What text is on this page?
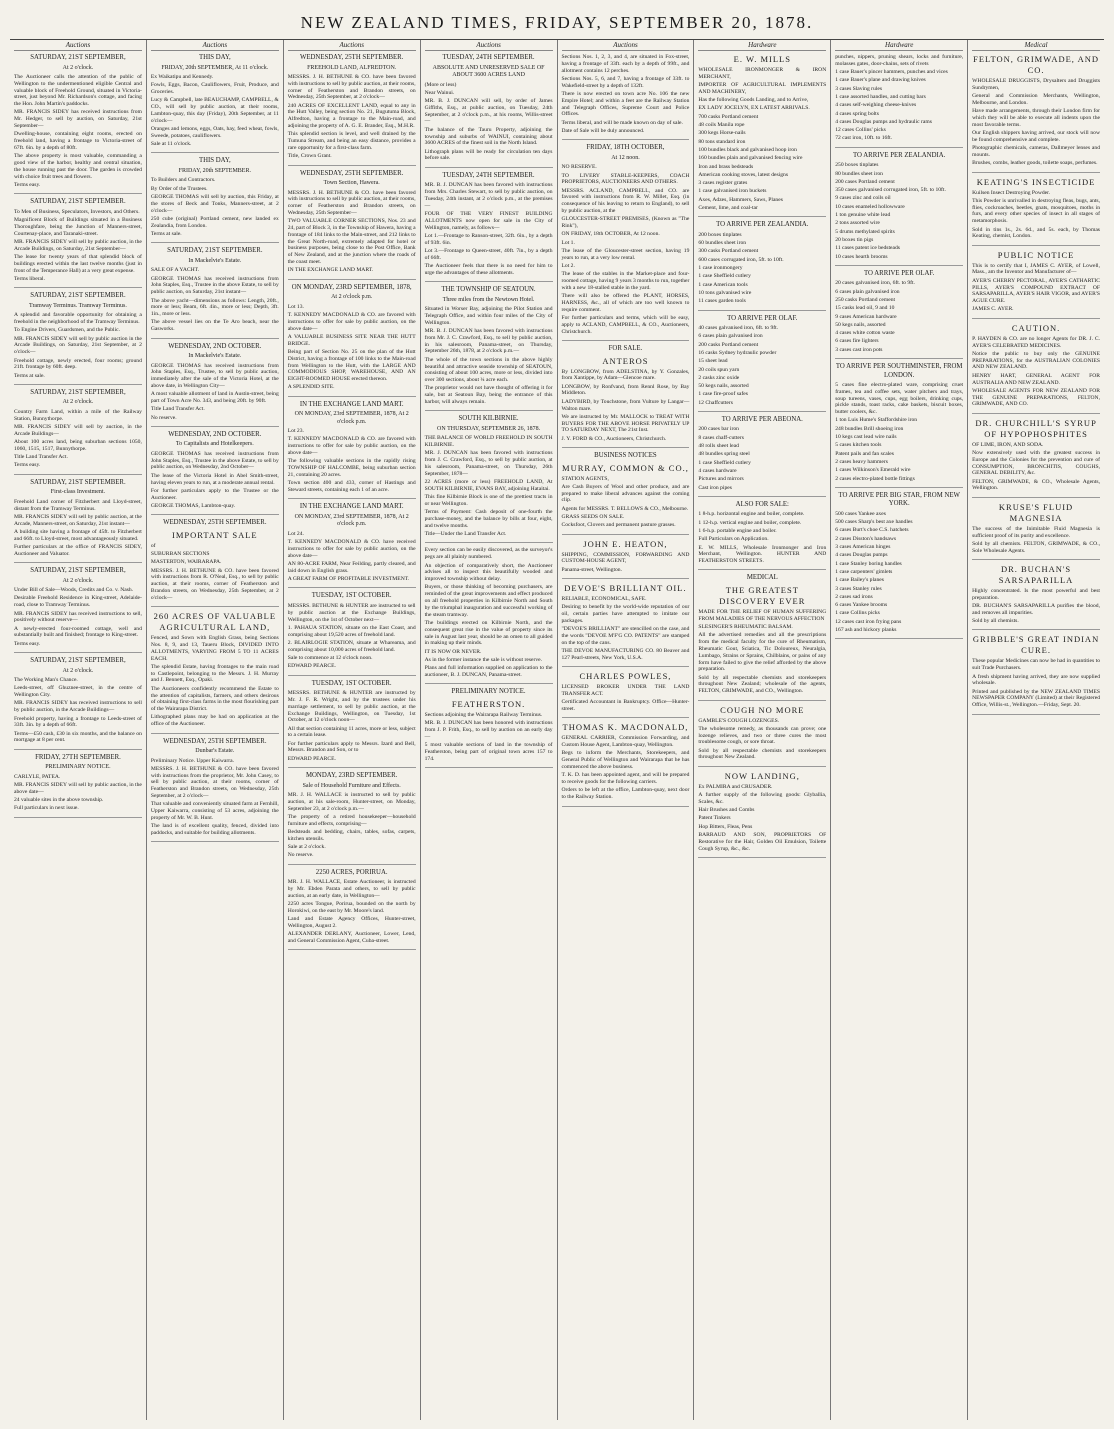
NEW ZEALAND TIMES, FRIDAY, SEPTEMBER 20, 1878.
Auctions
SATURDAY, 21ST SEPTEMBER,
At 2 o'clock.

The Auctioneer calls the attention of the public of Wellington to the undermentioned eligible Central and valuable block of Freehold Ground, situated in Victoria-street, just beyond Mr. Richardson's cottage, and facing the Hon. John Martin's paddocks.

MR. FRANCIS SIDEY has received instructions from Mr. Hedger, to sell by auction, on Saturday, 21st September—

Dwelling-house, containing eight rooms, erected on freehold land, having a frontage to Victoria-street of 67ft. 6in. by a depth of 80ft.

The above property is most valuable, commanding a good view of the harbor, healthy and central situation, the house running past the door. The garden is crowded with choice fruit trees and flowers.

Terms easy.

SATURDAY, 21ST SEPTEMBER.

To Men of Business, Speculators, Investors, and Others.

Magnificent Block of Buildings situated in a Business Thoroughfare, being the Junction of Manners-street, Courtenay-place, and Taranaki-street.

MR. FRANCIS SIDEY will sell by public auction, in the Arcade Buildings, on Saturday, 21st September—

The lease for twenty years of that splendid block of buildings erected within the last twelve months (just in front of the Temperance Hall) at a very great expense.

Terms liberal.

SATURDAY, 21ST SEPTEMBER.
Tramway Terminus. Tramway Terminus.

A splendid and favorable opportunity for obtaining a freehold in the neighborhood of the Tramway Terminus.

To Engine Drivers, Guardsmen, and the Public.

MR. FRANCIS SIDEY will sell by public auction in the Arcade Buildings, on Saturday, 21st September, at 2 o'clock—

Freehold cottage, newly erected, four rooms; ground 21ft. frontage by 60ft. deep.

Terms at sale.

SATURDAY, 21ST SEPTEMBER,
At 2 o'clock.

Country Farm Land, within a mile of the Railway Station, Bunnythorpe.

MR. FRANCIS SIDEY will sell by auction, in the Arcade Buildings—

About 100 acres land, being suburban sections 1050, 1060, 1515, 1517, Bunnythorpe.

Title Land Transfer Act.

Terms easy.

SATURDAY, 21ST SEPTEMBER.
First-class Investment.

Freehold Land corner of Fitzherbert and Lloyd-street, distant from the Tramway Terminus.

MR. FRANCIS SIDEY will sell by public auction, at the Arcade, Manners-street, on Saturday, 21st instant—

A building site having a frontage of 45ft. to Fitzherbert and 66ft. to Lloyd-street, most advantageously situated.

Further particulars at the office of FRANCIS SIDEY, Auctioneer and Valuator.

SATURDAY, 21ST SEPTEMBER,
At 2 o'clock.

Under Bill of Sale—Woods, Credits and Co. v. Nash.

Desirable Freehold Residence in King-street, Adelaide-road, close to Tramway Terminus.

MR. FRANCIS SIDEY has received instructions to sell, positively without reserve—

A newly-erected four-roomed cottage, well and substantially built and finished; frontage to King-street.

Terms easy.

SATURDAY, 21ST SEPTEMBER,
At 2 o'clock.

The Working Man's Chance.

Leeds-street, off Ghuznee-street, in the centre of Wellington City.

MR. FRANCIS SIDEY has received instructions to sell by public auction, in the Arcade Buildings—

Freehold property, having a frontage to Leeds-street of 33ft. 3in. by a depth of 66ft.

Terms—£50 cash, £30 in six months, and the balance on mortgage at 8 per cent.

FRIDAY, 27TH SEPTEMBER.
PRELIMINARY NOTICE.

CARLYLE, PATEA.

MR. FRANCIS SIDEY will sell by public auction, in the above date—

24 valuable sites in the above township.

Full particulars in next issue.

Auctions
THIS DAY,
FRIDAY, 20th SEPTEMBER, At 11 o'clock.

Ex Waikatipu and Kennedy.

Fowls, Eggs, Bacon, Cauliflowers, Fruit, Produce, and Groceries.

Lucy & Campbell, late BEAUCHAMP, CAMPBELL, & CO., will sell by public auction, at their rooms, Lambton-quay, this day (Friday), 20th September, at 11 o'clock—

Oranges and lemons, eggs, Oats, hay, feed wheat, fowls, Sweede, potatoes, cauliflowers.

Sale at 11 o'clock.

THIS DAY,
FRIDAY, 20th SEPTEMBER.

To Builders and Contractors.

By Order of the Trustees.

GEORGE THOMAS will sell by auction, this Friday, at the stores of Beck and Tonks, Manners-street, at 2 o'clock—

250 cube (original) Portland cement, new landed ex Zealandia, from London.

Terms at sale.

SATURDAY, 21ST SEPTEMBER.
In Mackelvie's Estate.

SALE OF A YACHT.

GEORGE THOMAS has received instructions from John Staples, Esq., Trustee in the above Estate, to sell by public auction, on Saturday, 21st instant—

The above yacht—dimensions as follows: Length, 20ft., more or less; Beam, 6ft. 4in., more or less; Depth, 3ft. 1in., more or less.

The above vessel lies on the Te Aro beach, near the Gasworks.

WEDNESDAY, 2ND OCTOBER.
In Mackelvie's Estate.

GEORGE THOMAS has received instructions from John Staples, Esq., Trustee, to sell by public auction, immediately after the sale of the Victoria Hotel, at the above date, in Wellington City—

A most valuable allotment of land in Austin-street, being part of Town Acre No. 343, and being 20ft. by 90ft.

Title Land Transfer Act.

No reserve.

WEDNESDAY, 2ND OCTOBER.
To Capitalists and Hotelkeepers.

GEORGE THOMAS has received instructions from John Staples, Esq., Trustee in the above Estate, to sell by public auction, on Wednesday, 2nd October—

The lease of the Victoria Hotel in Abel Smith-street, having eleven years to run, at a moderate annual rental.

For further particulars apply to the Trustee or the Auctioneer.

GEORGE THOMAS, Lambton-quay.

WEDNESDAY, 25TH SEPTEMBER.
IMPORTANT SALE

of

SUBURBAN SECTIONS

MASTERTON, WAIRARAPA.

MESSRS. J. H. BETHUNE & CO. have been favored with instructions from R. O'Neal, Esq., to sell by public auction, at their rooms, corner of Featherston and Brandon streets, on Wednesday, 25th September, at 2 o'clock—

260 ACRES OF VALUABLE AGRICULTURAL LAND,

Fenced, and Sown with English Grass, being Sections Nos. 8, 9, and 13, Taueru Block, DIVIDED INTO ALLOTMENTS, VARYING FROM 5 TO 11 ACRES EACH.

The splendid Estate, having frontages to the main road to Castlepoint, belonging to the Messrs. J. H. Murray and J. Bennett, Esq., Opaki.

The Auctioneers confidently recommend the Estate to the attention of capitalists, farmers, and others desirous of obtaining first-class farms in the most flourishing part of the Wairarapa District.

Lithographed plans may be had on application at the office of the Auctioneer.

WEDNESDAY, 25TH SEPTEMBER.
Dunbar's Estate.

Preliminary Notice. Upper Kaiwarra.

MESSRS. J. H. BETHUNE & CO. have been favored with instructions from the proprietor, Mr. John Casey, to sell by public auction, at their rooms, corner of Featherston and Brandon streets, on Wednesday, 25th September, at 2 o'clock—

That valuable and conveniently situated farm at Fernhill, Upper Kaiwarra, consisting of 53 acres, adjoining the property of Mr. W. B. Hunt.

The land is of excellent quality, fenced, divided into paddocks, and suitable for building allotments.

Auctions
WEDNESDAY, 25TH SEPTEMBER.
FREEHOLD LAND, ALFREDTON.

MESSRS. J. H. BETHUNE & CO. have been favored with instructions to sell by public auction, at their rooms, corner of Featherston and Brandon streets, on Wednesday, 25th September, at 2 o'clock—

240 ACRES OF EXCELLENT LAND, equal to any in the Hutt Valley, being section No. 21, Bugutuma Block, Alfredton, having a frontage to the Main-road, and adjoining the property of A. G. E. Brander, Esq., M.H.R.

This splendid section is level, and well drained by the Tumuna Stream, and being an easy distance, provides a rare opportunity for a first-class farm.

Title, Crown Grant.

WEDNESDAY, 25TH SEPTEMBER.
Town Section, Hawera.

MESSRS. J. H. BETHUNE & CO. have been favored with instructions to sell by public auction, at their rooms, corner of Featherston and Brandon streets, on Wednesday, 25th September—

TWO VALUABLE CORNER SECTIONS, Nos. 23 and 24, part of Block 3, in the Township of Hawera, having a frontage of 184 links to the Main-street, and 212 links to the Great North-road, extremely adapted for hotel or business purposes, being close to the Post Office, Bank of New Zealand, and at the junction where the roads of the coast meet.

IN THE EXCHANGE LAND MART.

ON MONDAY, 23RD SEPTEMBER, 1878,
At 2 o'clock p.m.

Lot 13.

T. KENNEDY MACDONALD & CO. are favored with instructions to offer for sale by public auction, on the above date—

A VALUABLE BUSINESS SITE NEAR THE HUTT BRIDGE.

Being part of Section No. 25 on the plan of the Hutt District, having a frontage of 100 links to the Main-road from Wellington to the Hutt, with the LARGE AND COMMODIOUS SHOP, WAREHOUSE, AND AN EIGHT-ROOMED HOUSE erected thereon.

A SPLENDID SITE.

IN THE EXCHANGE LAND MART.
ON MONDAY, 23rd SEPTEMBER, 1878, At 2 o'clock p.m.

Lot 23.

T. KENNEDY MACDONALD & CO. are favored with instructions to offer for sale by public auction, on the above date—

The following valuable sections in the rapidly rising TOWNSHIP OF HALCOMBE, being suburban section 21, containing 20 acres.

Town section 400 and 433, corner of Hastings and Steward streets, containing each 1 of an acre.

IN THE EXCHANGE LAND MART.
ON MONDAY, 23rd SEPTEMBER, 1878, At 2 o'clock p.m.

Lot 24.

T. KENNEDY MACDONALD & CO. have received instructions to offer for sale by public auction, on the above date—

AN 80-ACRE FARM, Near Feilding, partly cleared, and laid down in English grass.

A GREAT FARM OF PROFITABLE INVESTMENT.

TUESDAY, 1ST OCTOBER.

MESSRS. BETHUNE & HUNTER are instructed to sell by public auction at the Exchange Buildings, Wellington, on the 1st of October next—

1. PAHAUA STATION, situate on the East Coast, and comprising about 19,520 acres of freehold land.

2. BLAIRLOGIE STATION, situate at Whareama, and comprising about 10,000 acres of freehold land.

Sale to commence at 12 o'clock noon.

EDWARD PEARCE.

TUESDAY, 1ST OCTOBER.

MESSRS. BETHUNE & HUNTER are instructed by Mr. J. F. R. Wright, and by the trustees under his marriage settlement, to sell by public auction, at the Exchange Buildings, Wellington, on Tuesday, 1st October, at 12 o'clock noon—

All that section containing 11 acres, more or less, subject to a certain lease.

For further particulars apply to Messrs. Izard and Bell, Messrs. Brandon and Son, or to

EDWARD PEARCE.

MONDAY, 23RD SEPTEMBER.
Sale of Household Furniture and Effects.

MR. J. H. WALLACE is instructed to sell by public auction, at his sale-room, Hunter-street, on Monday, September 23, at 2 o'clock p.m.—

The property of a retired housekeeper—household furniture and effects, comprising—

Bedsteads and bedding, chairs, tables, sofas, carpets, kitchen utensils.

Sale at 2 o'clock.

No reserve.

2250 ACRES, PORIRUA.

MR. J. H. WALLACE, Estate Auctioneer, is instructed by Mr. Ebden Parata and others, to sell by public auction, at an early date, in Wellington—

2250 acres Tongue, Porirua, bounded on the north by Horokiwi, on the east by Mr. Moore's land.

Land and Estate Agency Offices, Hunter-street, Wellington, August 2.

ALEXANDER DERLANY, Auctioneer, Lower, Lend, and General Commission Agent, Cuba-street.

Auctions
TUESDAY, 24TH SEPTEMBER.
ABSOLUTE AND UNRESERVED SALE OF ABOUT 3600 ACRES LAND

(More or less)

Near Wainui.

MR. B. J. DUNCAN will sell, by order of James Giffiths, Esq., at public auction, on Tuesday, 24th September, at 2 o'clock p.m., at his rooms, Willis-street—

The balance of the Tauru Property, adjoining the township and suburbs of WAINUI, containing about 3600 ACRES of the finest soil in the North Island.

Lithograph plans will be ready for circulation ten days before sale.

TUESDAY, 24TH SEPTEMBER.

MR. B. J. DUNCAN has been favored with instructions from Mrs. Charles Stewart, to sell by public auction, on Tuesday, 24th instant, at 2 o'clock p.m., at the premises—

FOUR OF THE VERY FINEST BUILDING ALLOTMENTS now open for sale in the City of Wellington, namely, as follows—

Lot 1.—Frontage to Ranson-street, 32ft. 6in., by a depth of 93ft. 6in.

Lot 3.—Frontage to Queen-street, 40ft. 7in., by a depth of 66ft.

The Auctioneer feels that there is no need for him to urge the advantages of these allotments.

THE TOWNSHIP OF SEATOUN.
Three miles from the Newtown Hotel.

Situated in Worser Bay, adjoining the Pilot Station and Telegraph Office, and within four miles of the City of Wellington.

MR. B. J. DUNCAN has been favored with instructions from Mr. J. C. Crawford, Esq., to sell by public auction, in his salesroom, Panama-street, on Thursday, September 26th, 1878, at 2 o'clock p.m.—

The whole of the town sections in the above highly beautiful and attractive seaside township of SEATOUN, consisting of about 100 acres, more or less, divided into over 300 sections, about ¼ acre each.

The proprietor would not have thought of offering it for sale, but at Seatoun Bay, being the entrance of this harbor, will always remain.

SOUTH KILBIRNIE.
ON THURSDAY, SEPTEMBER 26, 1878.

THE BALANCE OF WORLD FREEHOLD IN SOUTH KILBIRNIE.

MR. J. DUNCAN has been favored with instructions from J. C. Crawford, Esq., to sell by public auction, at his salesroom, Panama-street, on Thursday, 26th September, 1878—

22 ACRES (more or less) FREEHOLD LAND, At SOUTH KILBIRNIE, EVANS BAY, adjoining Hataitai.

This fine Kilbirnie Block is one of the prettiest tracts in or near Wellington.

Terms of Payment: Cash deposit of one-fourth the purchase-money, and the balance by bills at four, eight, and twelve months.

Title—Under the Land Transfer Act.

Every section can be easily discovered, as the surveyor's pegs are all plainly numbered.

An objection of comparatively short, the Auctioneer advises all to inspect this beautifully wooded and improved township without delay.

Buyers, or those thinking of becoming purchasers, are reminded of the great improvements and effect produced on all freehold properties in Kilbirnie North and South by the triumphal inauguration and successful working of the steam tramway.

The buildings erected on Kilbirnie North, and the consequent great rise in the value of property since its sale in August last year, should be an omen to all guided in making up their minds.

IT IS NOW OR NEVER.

As in the former instance the sale is without reserve.

Plans and full information supplied on application to the auctioneer, B. J. DUNCAN, Panama-street.

PRELIMINARY NOTICE.
FEATHERSTON.

Sections adjoining the Wairarapa Railway Terminus.

MR. B. J. DUNCAN has been honored with instructions from J. P. Frith, Esq., to sell by auction on an early day—

5 most valuable sections of land in the township of Featherston, being part of original town acres 157 to 174.

Auctions

Sections Nos. 1, 2, 3, and 4, are situated in Fox-street, having a frontage of 33ft. each by a depth of 99ft., and allotment contains 12 perches.

Sections Nos. 5, 6, and 7, having a frontage of 33ft. to Wakefield-street by a depth of 132ft.

There is now erected on town acre No. 106 the new Empire Hotel; and within a feet are the Railway Station and Telegraph Offices, Supreme Court and Police Offices.

Terms liberal, and will be made known on day of sale.

Date of Sale will be duly announced.

FRIDAY, 18TH OCTOBER,
At 12 noon.

NO RESERVE.

TO LIVERY STABLE-KEEPERS, COACH PROPRIETORS, AUCTIONEERS AND OTHERS.

MESSRS. ACLAND, CAMPBELL, and CO. are favored with instructions from R. W. Millet, Esq. (in consequence of his leaving to return to England), to sell by public auction, at the

GLOUCESTER-STREET PREMISES, (Known as "The Rink"),

ON FRIDAY, 18th OCTOBER, At 12 noon.

Lot 1.

The lease of the Gloucester-street section, having 19 years to run, at a very low rental.

Lot 2.

The lease of the stables in the Market-place and four-roomed cottage, having 9 years 3 months to run, together with a new 18-stalled stable in the yard.

There will also be offered the PLANT, HORSES, HARNESS, &c., all of which are too well known to require comment.

For further particulars and terms, which will be easy, apply to ACLAND, CAMPBELL, & CO., Auctioneers, Christchurch.

FOR SALE.
ANTEROS

By LONGBOW, from ADELSTINA, by Y. Gonzales, from Xantippe, by Adam—Glencoe mare.

LONGBOW, by Ronfvand, from Rennl Rose, by Bay Middleton.

LADYBIRD, by Touchstone, from Vulture by Langar—Walton mare.

We are instructed by Mr. MALLOCK to TREAT WITH BUYERS FOR THE ABOVE HORSE PRIVATELY UP TO SATURDAY NEXT, The 21st Inst.

J. Y. FORD & CO., Auctioneers, Christchurch.

BUSINESS NOTICES
MURRAY, COMMON & CO.,

STATION AGENTS,

Are Cash Buyers of Wool and other produce, and are prepared to make liberal advances against the coming clip.

Agents for MESSRS. T. BELLOWS & CO., Melbourne.

GRASS SEEDS ON SALE.

Cocksfoot, Clovers and permanent pasture grasses.

JOHN E. HEATON,

SHIPPING, COMMISSION, FORWARDING AND CUSTOM-HOUSE AGENT,

Panama-street, Wellington.

DEVOE'S BRILLIANT OIL.

RELIABLE, ECONOMICAL, SAFE.

Desiring to benefit by the world-wide reputation of our oil, certain parties have attempted to imitate our packages.

"DEVOE'S BRILLIANT" are stencilled on the case, and the words "DEVOE M'F'G CO. PATENTS" are stamped on the top of the cans.

THE DEVOE MANUFACTURING CO. 80 Beaver and 127 Pearl-streets, New York, U.S.A.

CHARLES POWLES,

LICENSED BROKER UNDER THE LAND TRANSFER ACT.

Certificated Accountant in Bankruptcy. Office—Hunter-street.

THOMAS K. MACDONALD,

GENERAL CARRIER, Commission Forwarding, and Custom House Agent, Lambton-quay, Wellington.

Begs to inform the Merchants, Storekeepers, and General Public of Wellington and Wairarapa that he has commenced the above business.

T. K. D. has been appointed agent, and will be prepared to receive goods for the following carriers.

Orders to be left at the office, Lambton-quay, next door to the Railway Station.

Hardware
E. W. MILLS

WHOLESALE IRONMONGER & IRON MERCHANT,

IMPORTER OF AGRICULTURAL IMPLEMENTS AND MACHINERY,

Has the following Goods Landing, and to Arrive,

EX LADY JOCELYN, EX LATEST ARRIVALS.

700 casks Portland cement

48 coils Manila rope

300 kegs Horse-nails

80 tons standard iron

100 bundles black and galvanised hoop iron

160 bundles plain and galvanised fencing wire

Iron and brass bedsteads

American cooking stoves, latest designs

3 cases register grates

1 case galvanised iron buckets

Axes, Adzes, Hammers, Saws, Planes

Cement, lime, and coal-tar

TO ARRIVE PER ZEALANDIA.

200 boxes tinplates

60 bundles sheet iron

300 casks Portland cement

600 cases corrugated iron, 5ft. to 10ft.

1 case ironmongery

1 case Sheffield cutlery

1 case American tools

10 tons galvanised wire

11 cases garden tools

TO ARRIVE PER OLAF.

40 cases galvanised iron, 6ft. to 9ft.

6 cases plain galvanised iron

200 casks Portland cement

16 casks Sydney hydraulic powder

15 sheet lead

20 coils spun yarn

2 casks zinc oxide

50 kegs nails, assorted

1 case fire-proof safes

12 Chaffcutters

TO ARRIVE PER ABEONA.

200 cases bar iron

8 cases chaff-cutters

48 rolls sheet lead

48 bundles spring steel

1 case Sheffield cutlery

4 cases hardware

Pictures and mirrors

Cast iron pipes

ALSO FOR SALE:

1 8-h.p. horizontal engine and boiler, complete.

1 12-h.p. vertical engine and boiler, complete.

1 6-h.p. portable engine and boiler.

Full Particulars on Application.

E. W. MILLS, Wholesale Ironmonger and Iron Merchant, Wellington. HUNTER AND FEATHERSTON STREETS.

MEDICAL
THE GREATEST DISCOVERY EVER

MADE FOR THE RELIEF OF HUMAN SUFFERING FROM MALADIES OF THE NERVOUS AFFECTION

SLESINGER'S RHEUMATIC BALSAM.

All the advertised remedies and all the prescriptions from the medical faculty for the cure of Rheumatism, Rheumatic Gout, Sciatica, Tic Doloureux, Neuralgia, Lumbago, Strains or Sprains, Chilblains, or pains of any form have failed to give the relief afforded by the above preparation.

Sold by all respectable chemists and storekeepers throughout New Zealand; wholesale of the agents, FELTON, GRIMWADE, and CO., Wellington.

COUGH NO MORE

GAMBLE'S COUGH LOZENGES.

The wholesome remedy, as thousands can prove; one lozenge relieves, and two or three cures the most troublesome cough, or sore throat.

Sold by all respectable chemists and storekeepers throughout New Zealand.

NOW LANDING,

Ex PALMIRA and CRUSADER.

A further supply of the following goods: Glyballia, Scales, &c.

Hair Brushes and Combs

Patent Tinkers

Hop Bitters, Fleas, Pens

BARRAUD AND SON, PROPRIETORS OF Restorative for the Hair, Golden Oil Emulsion, Toilette Cough Syrup, &c., &c.

Hardware

punches, nippers, pruning shears, locks and furniture, molasses gates, door-chains, sets of rivets

1 case Bauer's pincer hammers, punches and vices

1 case Bauer's plane and drawing knives

3 cases Slaving rules

1 case assorted handles, and cutting bars

4 cases self-weighing cheese-knives

4 cases spring bolts

4 cases Douglas pumps and hydraulic rams

12 cases Collins' picks

72 cast iron, 10ft. to 16ft.

TO ARRIVE PER ZEALANDIA.

250 boxes tinplates

80 bundles sheet iron

200 cases Portland cement

350 cases galvanised corrugated iron, 5ft. to 10ft.

9 cases zinc and coils oil

10 cases enameled hollowware

1 ton genuine white lead

2 tons assorted wire

5 drums methylated spirits

20 boxes tin pigs

11 cases patent ice bedsteads

10 cases hearth brooms

TO ARRIVE PER OLAF.

20 cases galvanised iron, 6ft. to 9ft.

6 cases plain galvanised iron

250 casks Portland cement

15 casks lead oil, 9 and 10

9 cases American hardware

50 kegs nails, assorted

4 cases white cotton waste

6 cases fire lighters

3 cases cast iron pots

TO ARRIVE PER SOUTHMINSTER, FROM LONDON.

5 cases fine electro-plated ware, comprising cruet frames, tea and coffee sets, water pitchers and trays, soup tureens, vases, cups, egg boilers, drinking cups, pickle stands, toast racks, cake baskets, biscuit boxes, butter coolers, &c.

1 ton Luis Hume's Staffordshire iron

248 bundles Brill shoeing iron

10 kegs cast lead wire nails

5 cases kitchen tools

Patent pails and fan scales

2 cases heavy hammers

1 cases Wilkinson's Emerald wire

2 cases electro-plated bottle fittings

TO ARRIVE PER BIG STAR, FROM NEW YORK.

500 cases Yankee axes

500 cases Sharp's best axe handles

6 cases Burt's choe C.S. hatchets

2 cases Disston's handsaws

3 cases American hinges

4 cases Douglas pumps

1 case Stanley boring handles

1 case carpenters' gimlets

1 case Bailey's planes

3 cases Stanley rules

2 cases sad irons

6 cases Yankee brooms

1 case Collins picks

12 cases cast iron frying pans

167 ash and hickory planks

Medical
FELTON, GRIMWADE, AND CO.

WHOLESALE DRUGGISTS, Drysalters and Druggists Sundrymen,

General and Commission Merchants, Wellington, Melbourne, and London.

Have made arrangements, through their London firm for which they will be able to execute all indents upon the most favorable terms.

Our English shippers having arrived, our stock will now be found comprehensive and complete.

Photographic chemicals, cameras, Dallmeyer lenses and mounts.

Brushes, combs, leather goods, toilette soaps, perfumes.

KEATING'S INSECTICIDE

Kuilsen Insect Destroying Powder.

This Powder is unrivalled in destroying fleas, bugs, ants, flies, cockroaches, beetles, gnats, mosquitoes, moths in furs, and every other species of insect in all stages of metamorphosis.

Sold in tins 1s., 2s. 6d., and 5s. each, by Thomas Keating, chemist, London.

PUBLIC NOTICE

This is to certify that I, JAMES C. AYER, of Lowell, Mass., am the Inventor and Manufacturer of—

AYER'S CHERRY PECTORAL, AYER'S CATHARTIC PILLS, AYER'S COMPOUND EXTRACT OF SARSAPARILLA, AYER'S HAIR VIGOR, and AYER'S AGUE CURE.

JAMES C. AYER.

CAUTION.

P. HAYDEN & CO. are no longer Agents for DR. J. C. AYER'S CELEBRATED MEDICINES.

Notice the public to buy only the GENUINE PREPARATIONS, for the AUSTRALIAN COLONIES AND NEW ZEALAND.

HENRY HART, GENERAL AGENT FOR AUSTRALIA AND NEW ZEALAND.

WHOLESALE AGENTS FOR NEW ZEALAND FOR THE GENUINE PREPARATIONS, FELTON, GRIMWADE, AND CO.

DR. CHURCHILL'S SYRUP OF HYPOPHOSPHITES

OF LIME, IRON, AND SODA.

Now extensively used with the greatest success in Europe and the Colonies for the prevention and cure of CONSUMPTION, BRONCHITIS, COUGHS, GENERAL DEBILITY, &c.

FELTON, GRIMWADE, & CO., Wholesale Agents, Wellington.

KRUSE'S FLUID MAGNESIA

The success of the Inimitable Fluid Magnesia is sufficient proof of its purity and excellence.

Sold by all chemists. FELTON, GRIMWADE, & CO., Sole Wholesale Agents.

DR. BUCHAN'S SARSAPARILLA

Highly concentrated. Is the most powerful and best preparation.

DR. BUCHAN'S SARSAPARILLA purifies the blood, and removes all impurities.

Sold by all chemists.

GRIBBLE'S GREAT INDIAN CURE.

These popular Medicines can now be had in quantities to suit Trade Purchasers.

A fresh shipment having arrived, they are now supplied wholesale.

Printed and published by the NEW ZEALAND TIMES NEWSPAPER COMPANY (Limited) at their Registered Office, Willis-st., Wellington.—Friday, Sept. 20.
